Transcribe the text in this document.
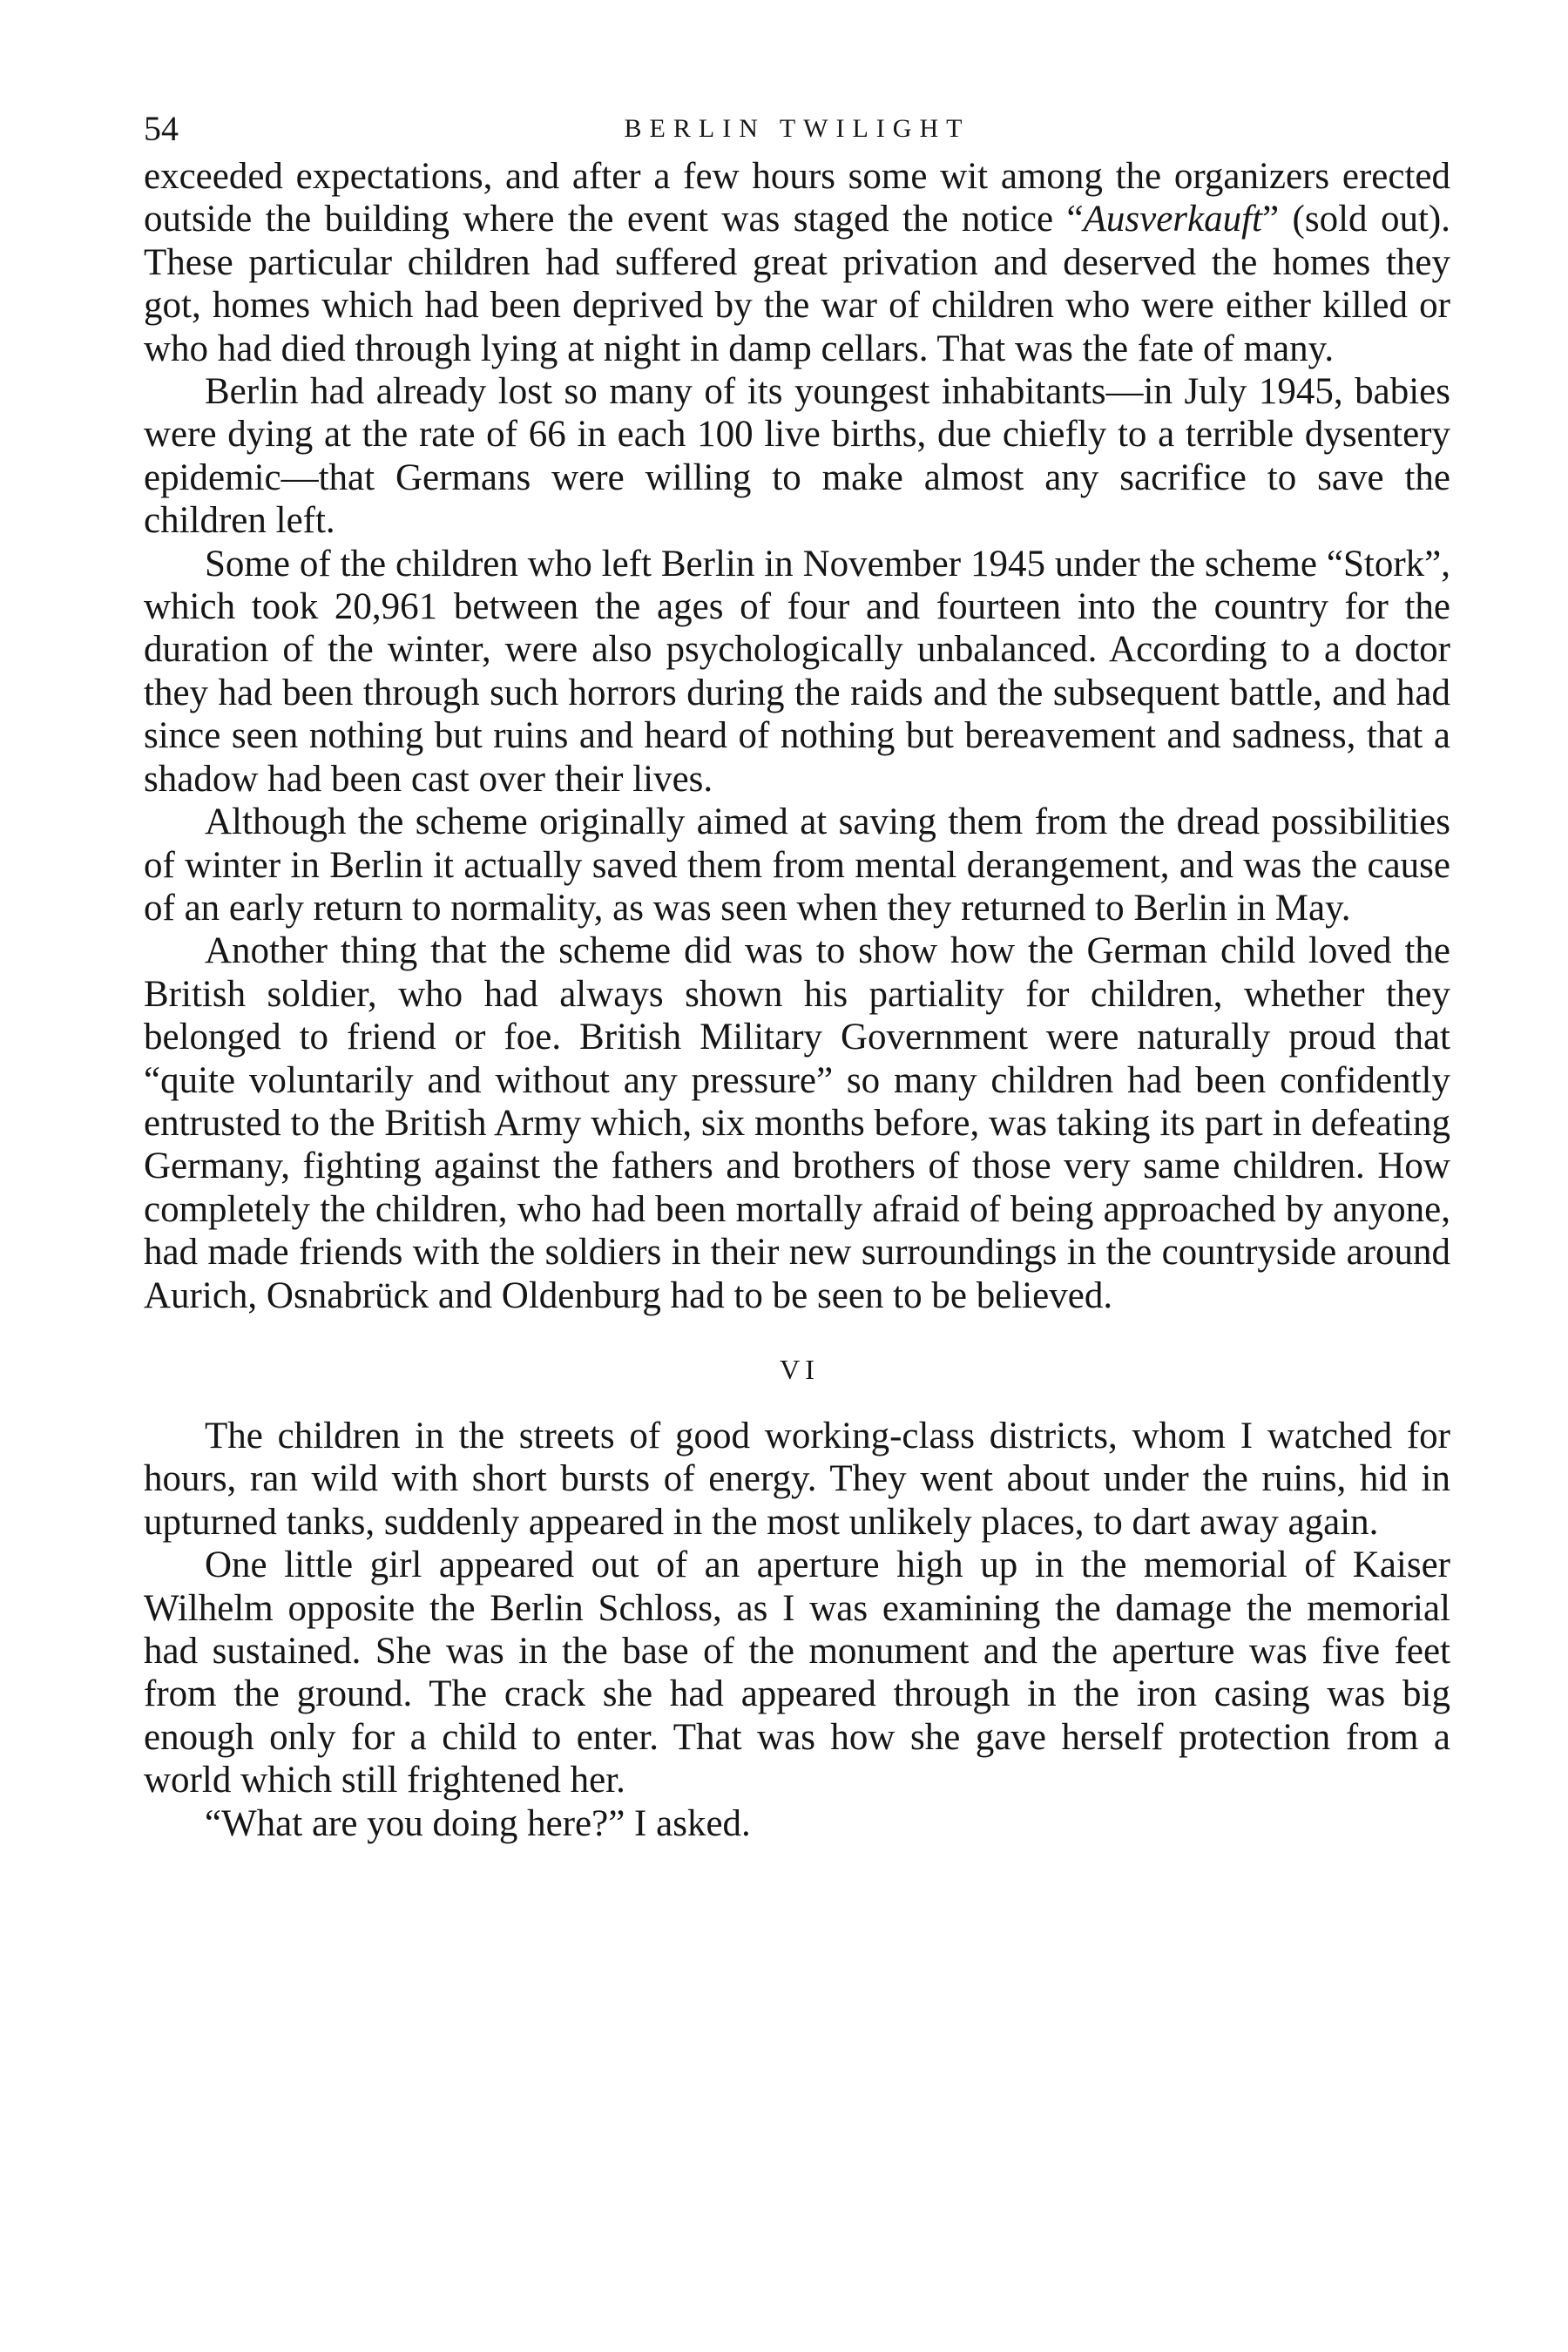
54	BERLIN TWILIGHT

exceeded expectations, and after a few hours some wit among the organizers erected outside the building where the event was staged the notice “Ausverkauft” (sold out). These particular children had suffered great privation and deserved the homes they got, homes which had been deprived by the war of children who were either killed or who had died through lying at night in damp cellars. That was the fate of many.

Berlin had already lost so many of its youngest inhabitants—in July 1945, babies were dying at the rate of 66 in each 100 live births, due chiefly to a terrible dysentery epidemic—that Germans were willing to make almost any sacrifice to save the children left.

Some of the children who left Berlin in November 1945 under the scheme “Stork”, which took 20,961 between the ages of four and fourteen into the country for the duration of the winter, were also psychologically unbalanced. According to a doctor they had been through such horrors during the raids and the subsequent battle, and had since seen nothing but ruins and heard of nothing but bereavement and sadness, that a shadow had been cast over their lives.

Although the scheme originally aimed at saving them from the dread possibilities of winter in Berlin it actually saved them from mental derangement, and was the cause of an early return to normality, as was seen when they returned to Berlin in May.

Another thing that the scheme did was to show how the German child loved the British soldier, who had always shown his partiality for children, whether they belonged to friend or foe. British Military Government were naturally proud that “quite voluntarily and without any pressure” so many children had been confidently entrusted to the British Army which, six months before, was taking its part in defeating Germany, fighting against the fathers and brothers of those very same children. How completely the children, who had been mortally afraid of being approached by anyone, had made friends with the soldiers in their new surroundings in the countryside around Aurich, Osnabrück and Oldenburg had to be seen to be believed.

VI

The children in the streets of good working-class districts, whom I watched for hours, ran wild with short bursts of energy. They went about under the ruins, hid in upturned tanks, suddenly appeared in the most unlikely places, to dart away again.

One little girl appeared out of an aperture high up in the memorial of Kaiser Wilhelm opposite the Berlin Schloss, as I was examining the damage the memorial had sustained. She was in the base of the monument and the aperture was five feet from the ground. The crack she had appeared through in the iron casing was big enough only for a child to enter. That was how she gave herself protection from a world which still frightened her.

“What are you doing here?” I asked.
